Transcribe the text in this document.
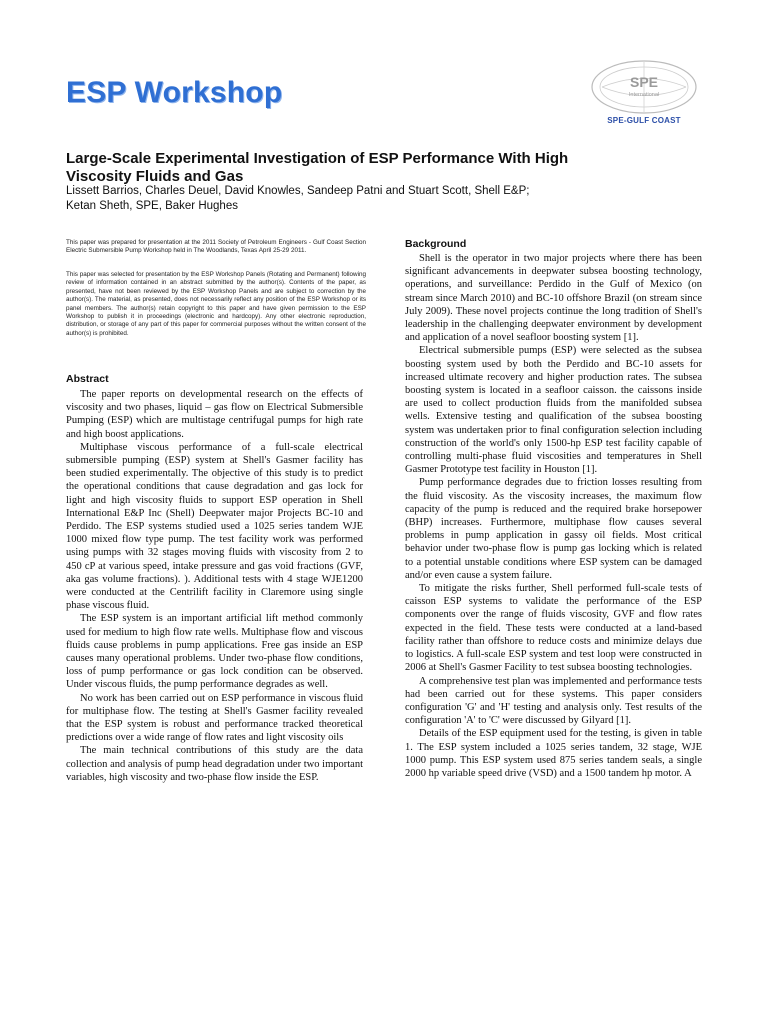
ESP Workshop	SPE
International
SPE-GULF COAST
Large-Scale Experimental Investigation of ESP Performance With High Viscosity Fluids and Gas
Lissett Barrios, Charles Deuel, David Knowles, Sandeep Patni and Stuart Scott, Shell E&P;
Ketan Sheth, SPE, Baker Hughes
This paper was prepared for presentation at the 2011 Society of Petroleum Engineers - Gulf Coast Section Electric Submersible Pump Workshop held in The Woodlands, Texas April 25-29 2011.
This paper was selected for presentation by the ESP Workshop Panels (Rotating and Permanent) following review of information contained in an abstract submitted by the author(s). Contents of the paper, as presented, have not been reviewed by the ESP Workshop Panels and are subject to correction by the author(s). The material, as presented, does not necessarily reflect any position of the ESP Workshop or its panel members. The author(s) retain copyright to this paper and have given permission to the ESP Workshop to publish it in proceedings (electronic and hardcopy). Any other electronic reproduction, distribution, or storage of any part of this paper for commercial purposes without the written consent of the author(s) is prohibited.
Abstract

The paper reports on developmental research on the effects of viscosity and two phases, liquid – gas flow on Electrical Submersible Pumping (ESP) which are multistage centrifugal pumps for high rate and high boost applications.

Multiphase viscous performance of a full-scale electrical submersible pumping (ESP) system at Shell's Gasmer facility has been studied experimentally. The objective of this study is to predict the operational conditions that cause degradation and gas lock for light and high viscosity fluids to support ESP operation in Shell International E&P Inc (Shell) Deepwater major Projects BC-10 and Perdido. The ESP systems studied used a 1025 series tandem WJE 1000 mixed flow type pump. The test facility work was performed using pumps with 32 stages moving fluids with viscosity from 2 to 450 cP at various speed, intake pressure and gas void fractions (GVF, aka gas volume fractions). ). Additional tests with 4 stage WJE1200 were conducted at the Centrilift facility in Claremore using single phase viscous fluid.

The ESP system is an important artificial lift method commonly used for medium to high flow rate wells. Multiphase flow and viscous fluids cause problems in pump applications. Free gas inside an ESP causes many operational problems. Under two-phase flow conditions, loss of pump performance or gas lock condition can be observed. Under viscous fluids, the pump performance degrades as well.

No work has been carried out on ESP performance in viscous fluid for multiphase flow. The testing at Shell's Gasmer facility revealed that the ESP system is robust and performance tracked theoretical predictions over a wide range of flow rates and light viscosity oils

The main technical contributions of this study are the data collection and analysis of pump head degradation under two important variables, high viscosity and two-phase flow inside the ESP.

Background

Shell is the operator in two major projects where there has been significant advancements in deepwater subsea boosting technology, operations, and surveillance: Perdido in the Gulf of Mexico (on stream since March 2010) and BC-10 offshore Brazil (on stream since July 2009). These novel projects continue the long tradition of Shell's leadership in the challenging deepwater environment by development and application of a novel seafloor boosting system [1].

Electrical submersible pumps (ESP) were selected as the subsea boosting system used by both the Perdido and BC-10 assets for increased ultimate recovery and higher production rates. The subsea boosting system is located in a seafloor caisson. the caissons inside are used to collect production fluids from the manifolded subsea wells. Extensive testing and qualification of the subsea boosting system was undertaken prior to final configuration selection including construction of the world's only 1500-hp ESP test facility capable of controlling multi-phase fluid viscosities and temperatures in Shell Gasmer Prototype test facility in Houston [1].

Pump performance degrades due to friction losses resulting from the fluid viscosity. As the viscosity increases, the maximum flow capacity of the pump is reduced and the required brake horsepower (BHP) increases. Furthermore, multiphase flow causes several problems in pump application in gassy oil fields. Most critical behavior under two-phase flow is pump gas locking which is related to a potential unstable conditions where ESP system can be damaged and/or even cause a system failure.

To mitigate the risks further, Shell performed full-scale tests of caisson ESP systems to validate the performance of the ESP components over the range of fluids viscosity, GVF and flow rates expected in the field. These tests were conducted at a land-based facility rather than offshore to reduce costs and minimize delays due to logistics. A full-scale ESP system and test loop were constructed in 2006 at Shell's Gasmer Facility to test subsea boosting technologies.

A comprehensive test plan was implemented and performance tests had been carried out for these systems. This paper considers configuration 'G' and 'H' testing and analysis only. Test results of the configuration 'A' to 'C' were discussed by Gilyard [1].

Details of the ESP equipment used for the testing, is given in table 1. The ESP system included a 1025 series tandem, 32 stage, WJE 1000 pump. This ESP system used 875 series tandem seals, a single 2000 hp variable speed drive (VSD) and a 1500 tandem hp motor. A
